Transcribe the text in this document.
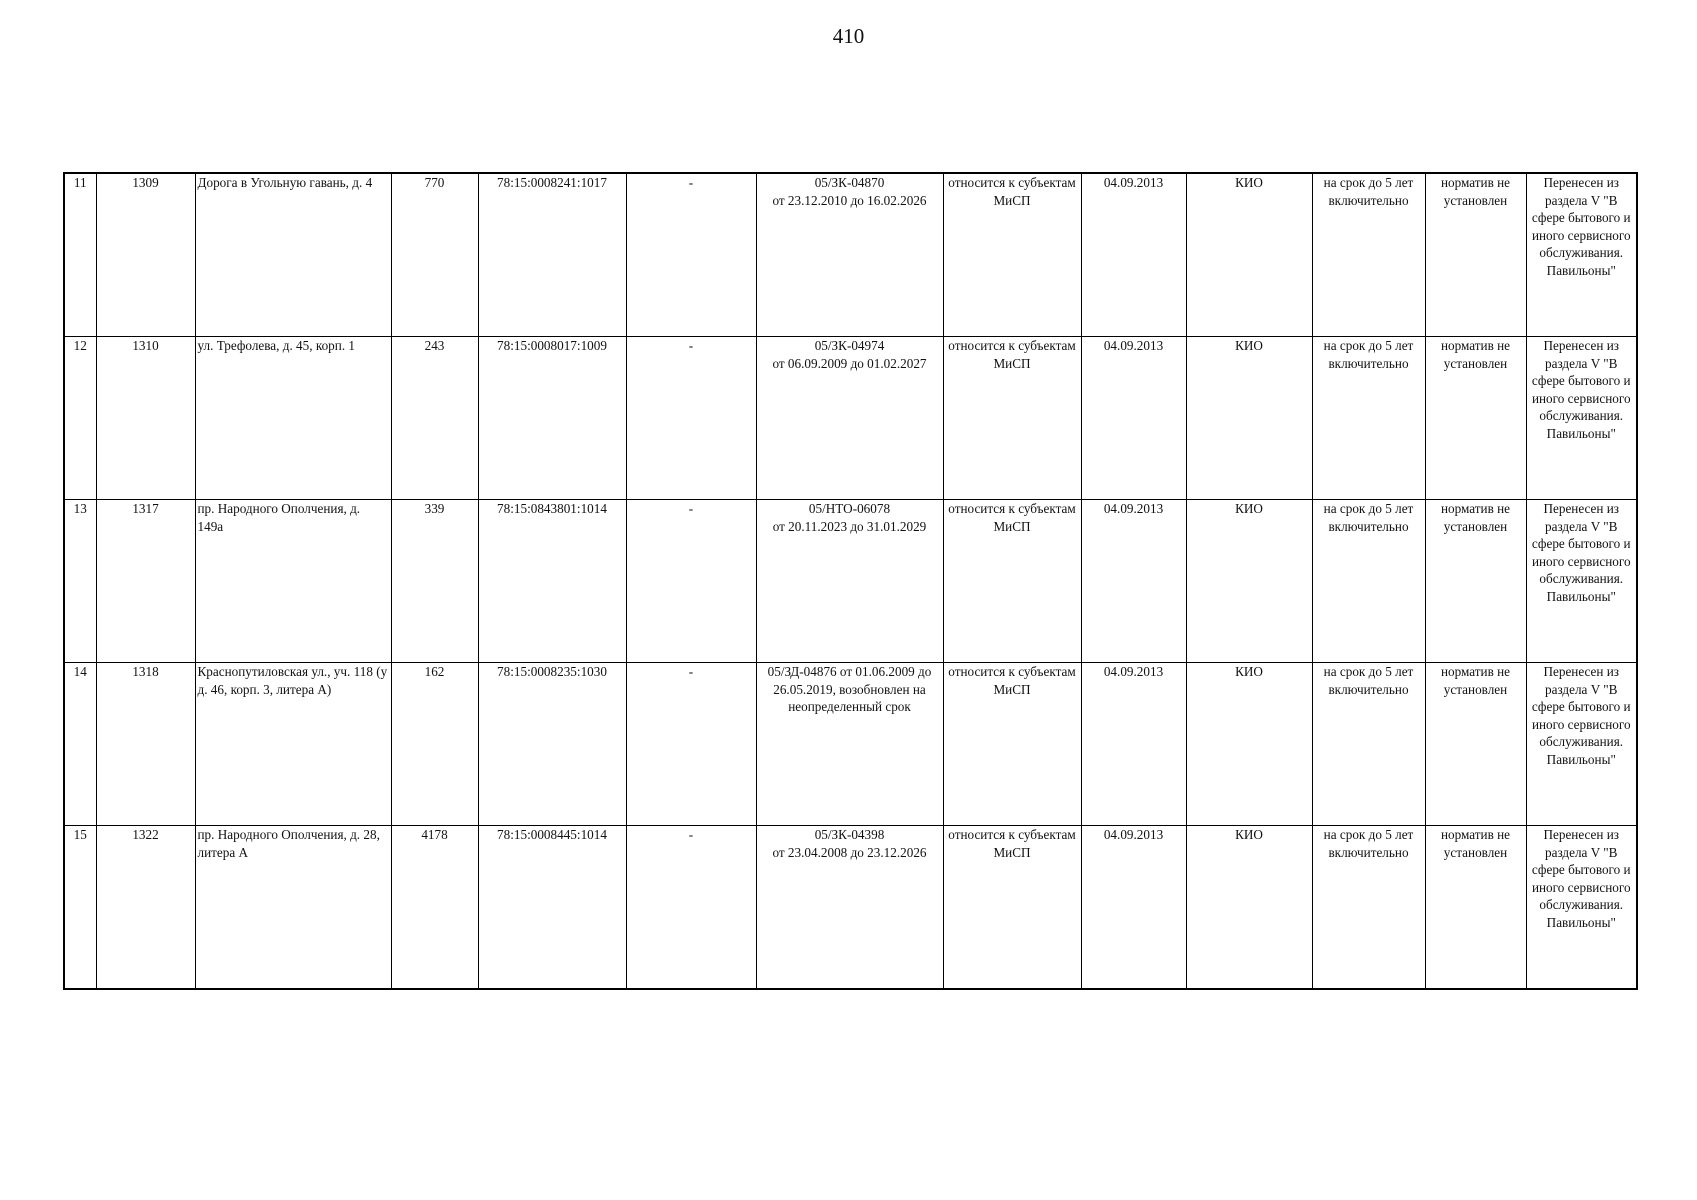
410
11	1309	Дорога в Угольную гавань, д. 4	770	78:15:0008241:1017	-	05/ЗК-04870
от 23.12.2010 до 16.02.2026	относится к субъектам МиСП	04.09.2013	КИО	на срок до 5 лет включительно	норматив не установлен	Перенесен из раздела V "В сфере бытового и иного сервисного обслуживания. Павильоны"
12	1310	ул. Трефолева, д. 45, корп. 1	243	78:15:0008017:1009	-	05/ЗК-04974
от 06.09.2009 до 01.02.2027	относится к субъектам МиСП	04.09.2013	КИО	на срок до 5 лет включительно	норматив не установлен	Перенесен из раздела V "В сфере бытового и иного сервисного обслуживания. Павильоны"
13	1317	пр. Народного Ополчения, д. 149а	339	78:15:0843801:1014	-	05/НТО-06078
от 20.11.2023 до 31.01.2029	относится к субъектам МиСП	04.09.2013	КИО	на срок до 5 лет включительно	норматив не установлен	Перенесен из раздела V "В сфере бытового и иного сервисного обслуживания. Павильоны"
14	1318	Краснопутиловская ул., уч. 118 (у д. 46, корп. 3, литера А)	162	78:15:0008235:1030	-	05/ЗД-04876 от 01.06.2009 до 26.05.2019, возобновлен на неопределенный срок	относится к субъектам МиСП	04.09.2013	КИО	на срок до 5 лет включительно	норматив не установлен	Перенесен из раздела V "В сфере бытового и иного сервисного обслуживания. Павильоны"
15	1322	пр. Народного Ополчения, д. 28, литера А	4178	78:15:0008445:1014	-	05/ЗК-04398
от 23.04.2008 до 23.12.2026	относится к субъектам МиСП	04.09.2013	КИО	на срок до 5 лет включительно	норматив не установлен	Перенесен из раздела V "В сфере бытового и иного сервисного обслуживания. Павильоны"
